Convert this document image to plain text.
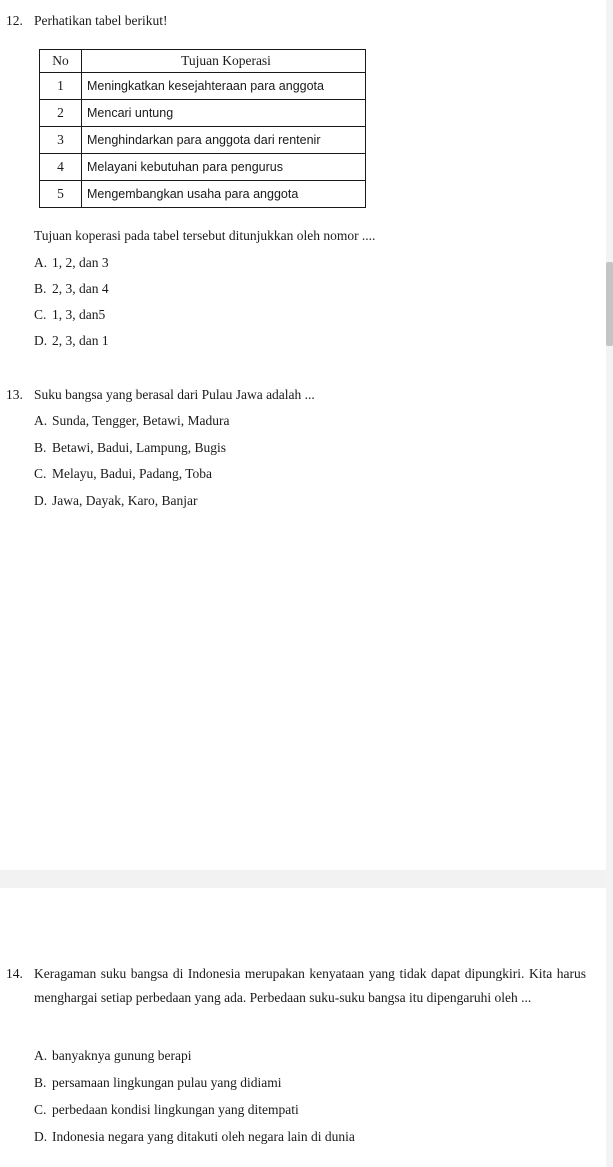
12. Perhatikan tabel berikut!
No	Tujuan Koperasi
1	Meningkatkan kesejahteraan para anggota
2	Mencari untung
3	Menghindarkan para anggota dari rentenir
4	Melayani kebutuhan para pengurus
5	Mengembangkan usaha para anggota
Tujuan koperasi pada tabel tersebut ditunjukkan oleh nomor ....
A. 1, 2, dan 3
B. 2, 3, dan 4
C. 1, 3, dan5
D. 2, 3, dan 1
13. Suku bangsa yang berasal dari Pulau Jawa adalah ...
A. Sunda, Tengger, Betawi, Madura
B. Betawi, Badui, Lampung, Bugis
C. Melayu, Badui, Padang, Toba
D. Jawa, Dayak, Karo, Banjar
14. Keragaman suku bangsa di Indonesia merupakan kenyataan yang tidak dapat dipungkiri. Kita harus menghargai setiap perbedaan yang ada. Perbedaan suku-suku bangsa itu dipengaruhi oleh ...
A. banyaknya gunung berapi
B. persamaan lingkungan pulau yang didiami
C. perbedaan kondisi lingkungan yang ditempati
D. Indonesia negara yang ditakuti oleh negara lain di dunia
